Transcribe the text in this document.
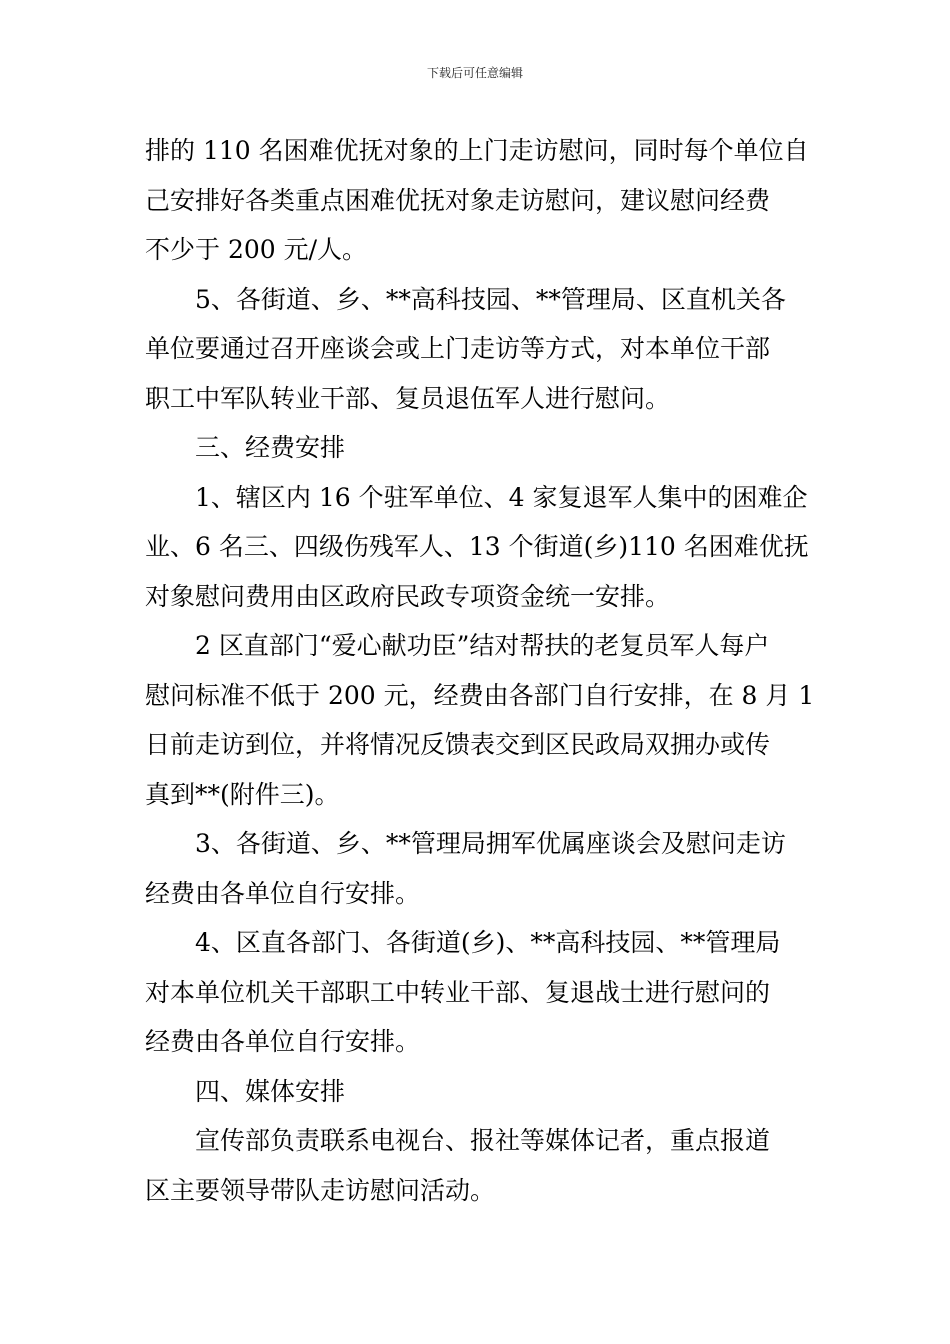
下载后可任意编辑
排的 110 名困难优抚对象的上门走访慰问，同时每个单位自
己安排好各类重点困难优抚对象走访慰问，建议慰问经费
不少于 200 元/人。
5、各街道、乡、**高科技园、**管理局、区直机关各
单位要通过召开座谈会或上门走访等方式，对本单位干部
职工中军队转业干部、复员退伍军人进行慰问。
三、经费安排
1、辖区内 16 个驻军单位、4 家复退军人集中的困难企
业、6 名三、四级伤残军人、13 个街道(乡)110 名困难优抚
对象慰问费用由区政府民政专项资金统一安排。
2 区直部门“爱心献功臣”结对帮扶的老复员军人每户
慰问标准不低于 200 元，经费由各部门自行安排，在 8 月 1
日前走访到位，并将情况反馈表交到区民政局双拥办或传
真到**(附件三)。
3、各街道、乡、**管理局拥军优属座谈会及慰问走访
经费由各单位自行安排。
4、区直各部门、各街道(乡)、**高科技园、**管理局
对本单位机关干部职工中转业干部、复退战士进行慰问的
经费由各单位自行安排。
四、媒体安排
宣传部负责联系电视台、报社等媒体记者，重点报道
区主要领导带队走访慰问活动。
